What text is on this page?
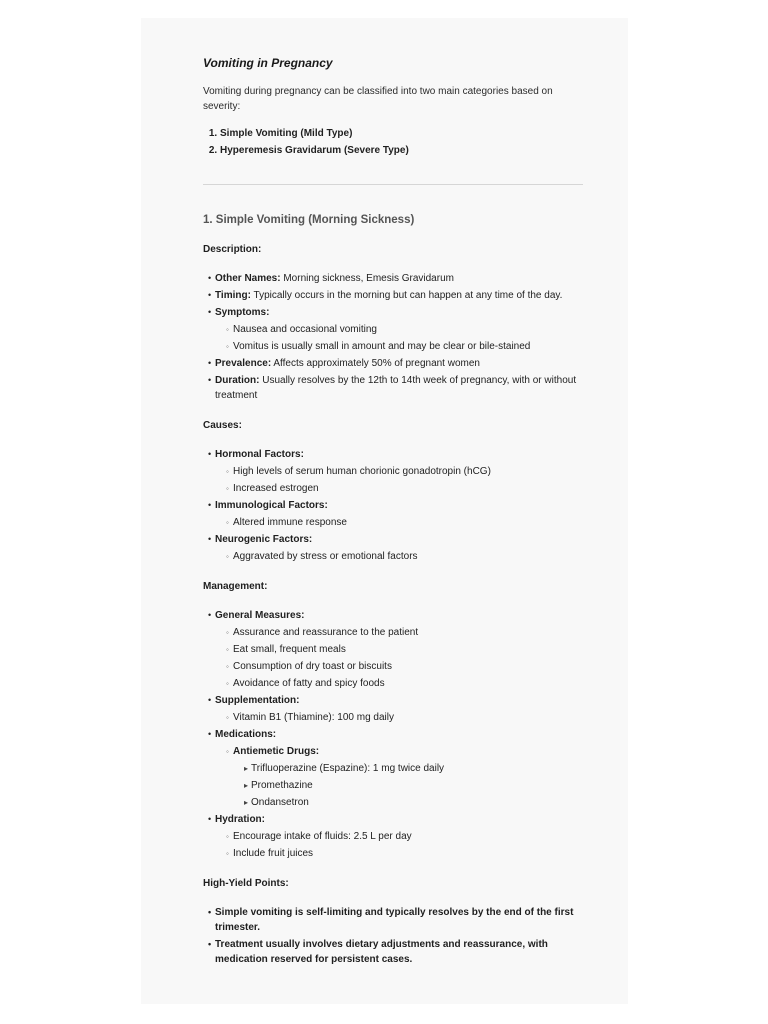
Vomiting in Pregnancy

Vomiting during pregnancy can be classified into two main categories based on severity:

1. Simple Vomiting (Mild Type)
2. Hyperemesis Gravidarum (Severe Type)
1. Simple Vomiting (Morning Sickness)
Description:
• Other Names: Morning sickness, Emesis Gravidarum
• Timing: Typically occurs in the morning but can happen at any time of the day.
• Symptoms:
◦ Nausea and occasional vomiting
◦ Vomitus is usually small in amount and may be clear or bile-stained
• Prevalence: Affects approximately 50% of pregnant women
• Duration: Usually resolves by the 12th to 14th week of pregnancy, with or without treatment
Causes:
• Hormonal Factors:
◦ High levels of serum human chorionic gonadotropin (hCG)
◦ Increased estrogen
• Immunological Factors:
◦ Altered immune response
• Neurogenic Factors:
◦ Aggravated by stress or emotional factors
Management:
• General Measures:
◦ Assurance and reassurance to the patient
◦ Eat small, frequent meals
◦ Consumption of dry toast or biscuits
◦ Avoidance of fatty and spicy foods
• Supplementation:
◦ Vitamin B1 (Thiamine): 100 mg daily
• Medications:
◦ Antiemetic Drugs:
▸ Trifluoperazine (Espazine): 1 mg twice daily
▸ Promethazine
▸ Ondansetron
• Hydration:
◦ Encourage intake of fluids: 2.5 L per day
◦ Include fruit juices
High-Yield Points:
• Simple vomiting is self-limiting and typically resolves by the end of the first trimester.
• Treatment usually involves dietary adjustments and reassurance, with medication reserved for persistent cases.
